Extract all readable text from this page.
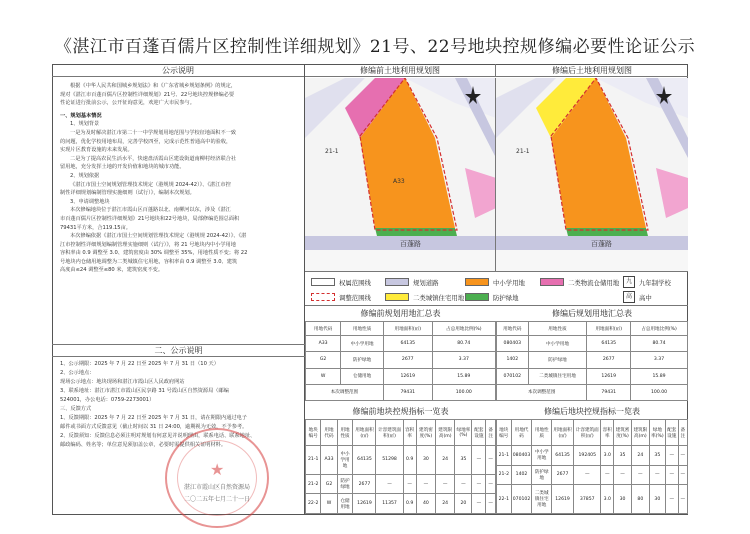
《湛江市百蓬百儒片区控制性详细规划》21号、22号地块控规修编必要性论证公示
公示说明

根据《中华人民共和国城乡规划法》和《广东省城乡规划条例》的规定，

现对《湛江市百蓬百儒片区控制性详细规划》21号、22号地块控规修编必要

性论证进行批前公示，公开征询意见，欢迎广大市民参与。

一、规划基本情况

1、规划背景

一是为及时解决湛江市第二十一中学规划用地范围与学校征地面积不一致

的问题，优化学校用地布局，完善学校四至，完成示范性普通高中的验收，

实现片区教育设施的未来发展。

二是为了提高农民生活水平，快速盘活霞山区建设街道南柳村经济联合社

留用地，充分发挥土地的开发价值和地块的城市功能。

2、规划依据

《湛江市国土空间规划管理技术规定（港规规 2024-42）》、《湛江市控

制性详细规划编制管理实施细则（试行）》，编制本次规划。

3、申请调整地块

本次修编地块位于湛江市霞山区百蓬路以北、南柳河以东，涉及《湛江

市百蓬百儒片区控制性详细规划》21号地块和22号地块，局部修编范围总面积

79431平方米，合119.15亩。

本次修编依据《湛江市国土空间规划管理技术规定（港规规 2024-42）》、《湛

江市控制性详细规划编制管理实施细则（试行）》，将 21 号地块内中小学用地

容积率由 0.9 调整至 3.0、建筑密度由 30% 调整至 35%，用地性质不变；将 22

号地块内仓储用地调整为二类城镇住宅用地，容积率由 0.9 调整至 3.0、建筑

高度由≤24 调整至≤80 米，建筑密度不变。

二、公示说明

1、公示期限：2025 年 7 月 22 日至 2025 年 7 月 31 日（10 天）

2、公示地点：

现场公示地点：地块现场和湛江市霞山区人民政府网站

3、联系地址：湛江市湛江市霞山区民享路 31 号霞山区自然资源局（邮编

524001，办公电话：0759-2273001）

三、反馈方式

1、反馈期限：2025 年 7 月 22 日至 2025 年 7 月 31 日，请在期限内通过电子

邮件或书面方式反馈意见（截止时间以 31 日 24:00，逾期视为无效，不予参考。

2、反馈须知：反馈信息必须注明对规划有何意见并说明理由，联系电话、联系地址、

邮政编码、姓名等；单位意见须加盖公章，必要时需提供相关证明材料。

★
湛江市霞山区自然资源局
二〇二五年七月二十一日
修编前土地利用规划图	修编后土地利用规划图
21-1
A33
百蓬路
21-1
百蓬路
权属范围线	规划道路	中小学用地	二类物流仓储用地	九	九年制学校
调整范围线	二类城镇住宅用地	防护绿地	高	高中
修编前规划用地汇总表	修编后规划用地汇总表
用地代码	用地性质	用地面积(㎡)	占总用地比例(%)
A33	中小学用地	64135	80.74
G2	防护绿地	2677	3.37
W	仓储用地	12619	15.89
本次调整范围		79431	100.00
用地代码	用地性质	用地面积(㎡)	占总用地比例(%)
080403	中小学用地	64135	80.74
1402	防护绿地	2677	3.37
070102	二类城镇住宅用地	12619	15.89
本次调整范围		79431	100.00
修编前地块控规指标一览表	修编后地块控规指标一览表
地块编号	用地代码	用地性质	用地面积(㎡)	计容建筑面积(㎡)	容积率	建筑密度(%)	建筑限高(m)	绿地率(%)	配套设施	备注
21-1	A33	中小学用地	64135	51298	0.9	30	24	35	—	—
21-2	G2	防护绿地	2677	—	—	—	—	—	—	—
22-2	W	仓储用地	12619	11357	0.9	40	24	20	—	—
地块编号	用地代码	用地性质	用地面积(㎡)	计容建筑面积(㎡)	容积率	建筑密度(%)	建筑限高(m)	绿地率(%)	配套设施	备注
21-1	080403	中小学用地	64135	192405	3.0	35	24	35	—	—
21-2	1402	防护绿地	2677	—	—	—	—	—	—	—
22-1	070102	二类城镇住宅用地	12619	37857	3.0	30	80	30	—	—
